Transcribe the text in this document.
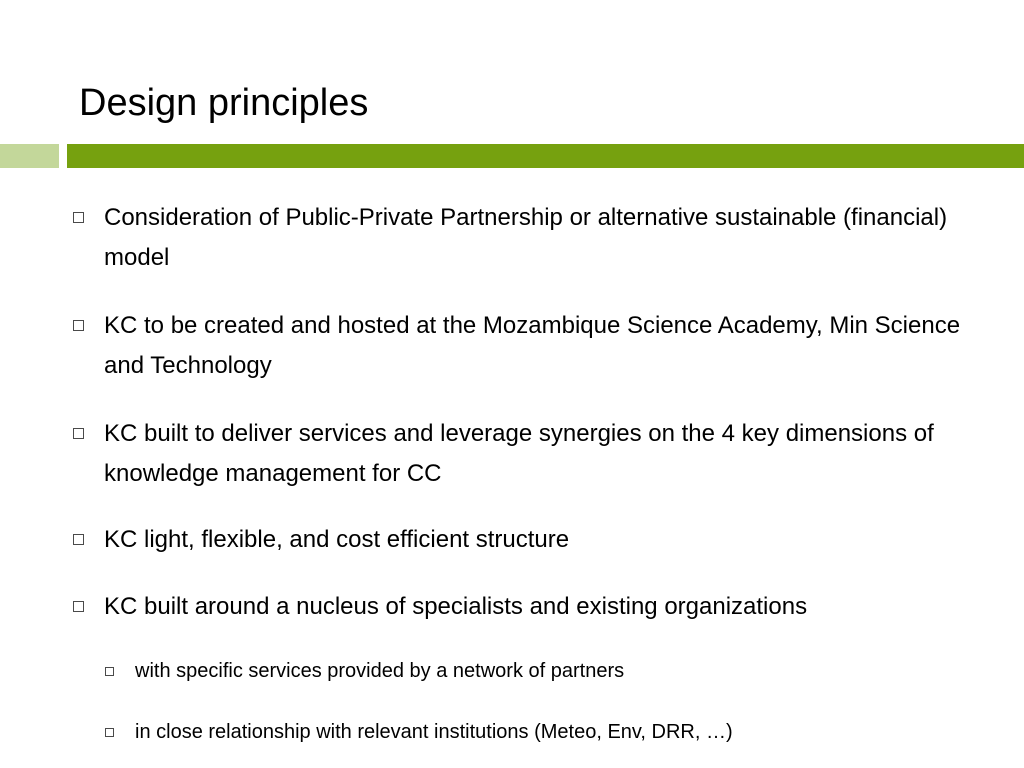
Design principles
Consideration of Public-Private Partnership or alternative sustainable (financial) model
KC to be created and hosted at the Mozambique Science Academy, Min Science and Technology
KC built to deliver services and leverage synergies on the 4 key dimensions of knowledge management for CC
KC light, flexible, and cost efficient structure
KC built around a nucleus of specialists and existing organizations
with specific services provided by a network of partners
in close relationship with relevant institutions (Meteo, Env, DRR, …)
